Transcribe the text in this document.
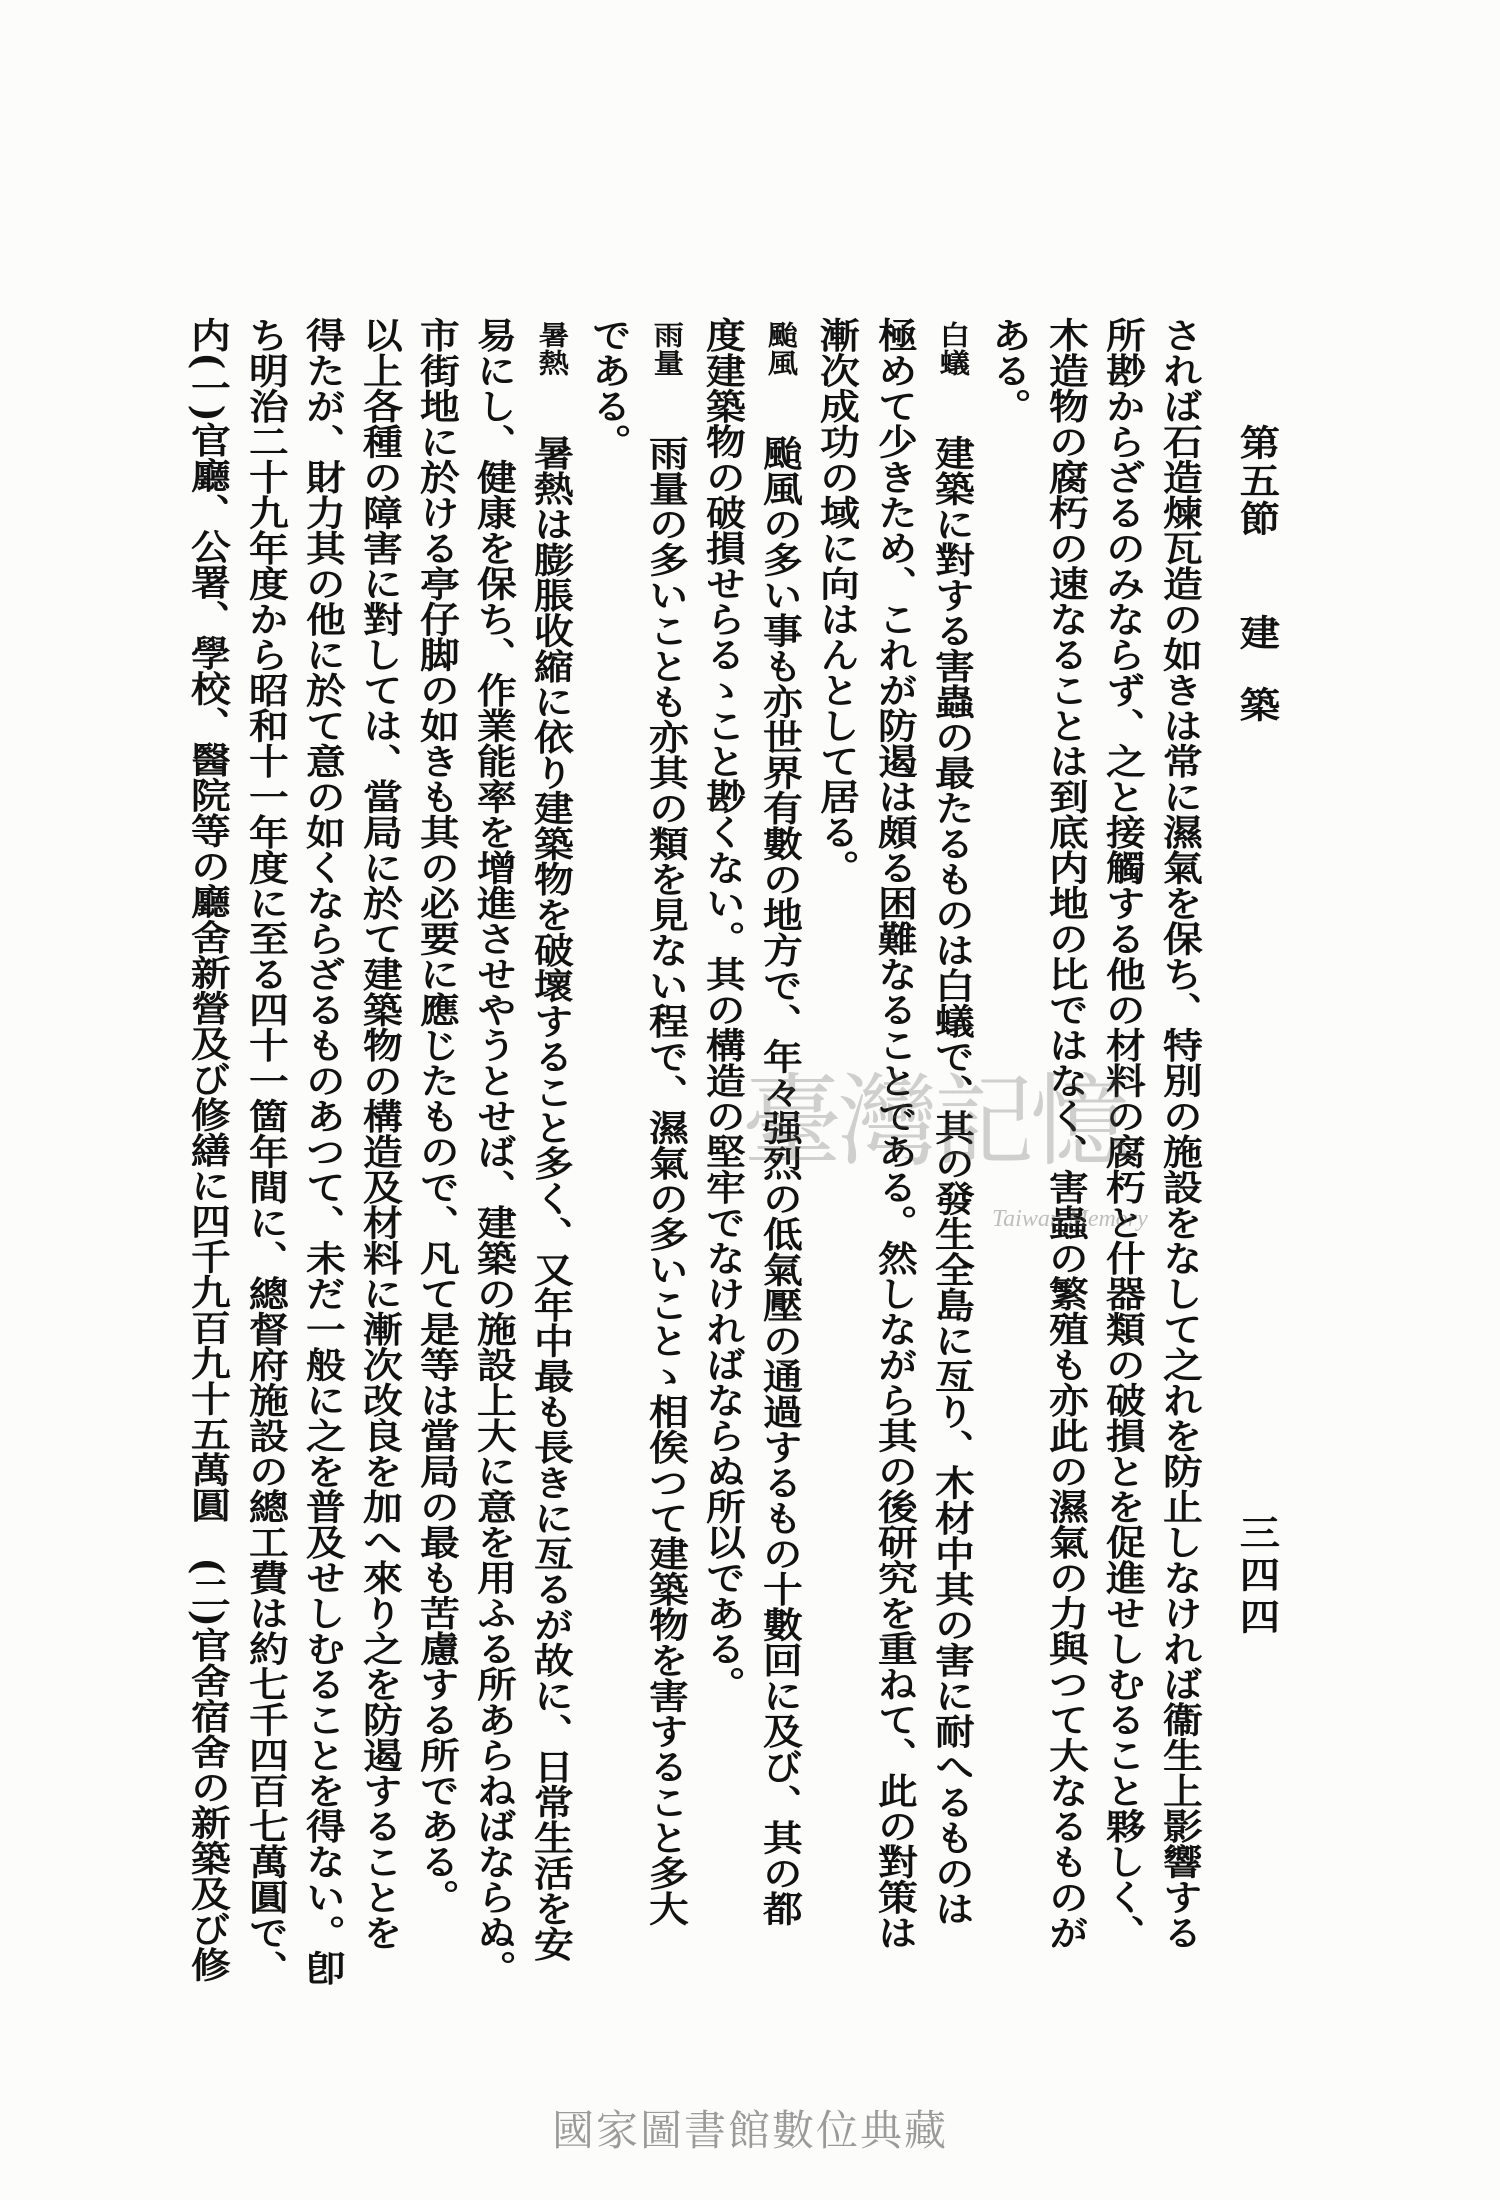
第五節
建　築
三四四
されば石造煉瓦造の如きは常に濕氣を保ち、特別の施設をなして之れを防止しなければ衞生上影響する
所尠からざるのみならず、之と接觸する他の材料の腐朽と什器類の破損とを促進せしむること夥しく、
木造物の腐朽の速なることは到底内地の比ではなく、害蟲の繁殖も亦此の濕氣の力與つて大なるものが
ある。
白蟻建築に對する害蟲の最たるものは白蟻で、其の發生全島に亙り、木材中其の害に耐へるものは
極めて少きため、これが防遏は頗る困難なることである。然しながら其の後研究を重ねて、此の對策は
漸次成功の域に向はんとして居る。
颱風颱風の多い事も亦世界有數の地方で、年々强烈の低氣壓の通過するもの十數回に及び、其の都
度建築物の破損せらるゝこと尠くない。其の構造の堅牢でなければならぬ所以である。
雨量雨量の多いことも亦其の類を見ない程で、濕氣の多いことゝ相俟つて建築物を害すること多大
である。
暑熱暑熱は膨脹收縮に依り建築物を破壞すること多く、又年中最も長きに亙るが故に、日常生活を安
易にし、健康を保ち、作業能率を增進させやうとせば、建築の施設上大に意を用ふる所あらねばならぬ。
市街地に於ける亭仔脚の如きも其の必要に應じたもので、凡て是等は當局の最も苦慮する所である。
以上各種の障害に對しては、當局に於て建築物の構造及材料に漸次改良を加へ來り之を防遏することを
得たが、財力其の他に於て意の如くならざるものあつて、未だ一般に之を普及せしむることを得ない。卽
ち明治二十九年度から昭和十一年度に至る四十一箇年間に、總督府施設の總工費は約七千四百七萬圓で、
内(一)官廳、公署、學校、醫院等の廳舍新營及び修繕に四千九百九十五萬圓　(二)官舍宿舍の新築及び修	臺灣記憶
Taiwan Memory
國家圖書館數位典藏
